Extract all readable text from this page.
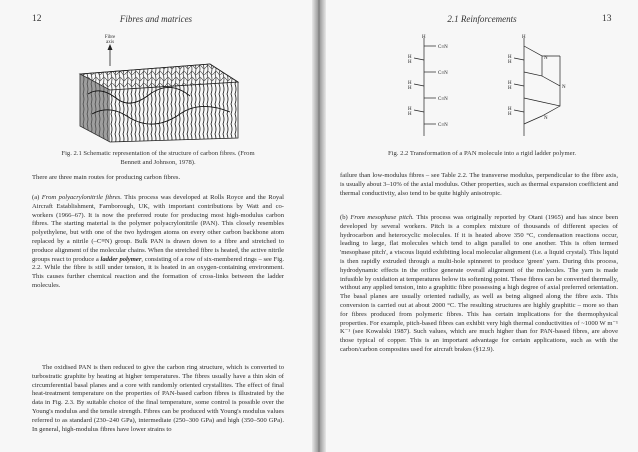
12	Fibres and matrices
Fibre
axis
Fig. 2.1 Schematic representation of the structure of carbon fibres. (From
Bennett and Johnson, 1978).

There are three main routes for producing carbon fibres.

(a) From polyacrylonitrile fibres. This process was developed at Rolls Royce and the Royal Aircraft Establishment, Farnborough, UK, with important contributions by Watt and co-workers (1966–67). It is now the preferred route for producing most high-modulus carbon fibres. The starting material is the polymer polyacrylonitrile (PAN). This closely resembles polyethylene, but with one of the two hydrogen atoms on every other carbon backbone atom replaced by a nitrile (–C≡N) group. Bulk PAN is drawn down to a fibre and stretched to produce alignment of the molecular chains. When the stretched fibre is heated, the active nitrile groups react to produce a ladder polymer, consisting of a row of six-membered rings – see Fig. 2.2. While the fibre is still under tension, it is heated in an oxygen-containing environment. This causes further chemical reaction and the formation of cross-links between the ladder molecules.

The oxidised PAN is then reduced to give the carbon ring structure, which is converted to turbostratic graphite by heating at higher temperatures. The fibres usually have a thin skin of circumferential basal planes and a core with randomly oriented crystallites. The effect of final heat-treatment temperature on the properties of PAN-based carbon fibres is illustrated by the data in Fig. 2.3. By suitable choice of the final temperature, some control is possible over the Young's modulus and the tensile strength. Fibres can be produced with Young's modulus values referred to as standard (230–240 GPa), intermediate (250–300 GPa) and high (350–500 GPa). In general, high-modulus fibres have lower strains to

2.1 Reinforcements	13
H
C≡N
H
H
C≡N
H
H
C≡N
H
H
C≡N
H
H
H
H
H
H
H
N
N
N
Fig. 2.2 Transformation of a PAN molecule into a rigid ladder polymer.

failure than low-modulus fibres – see Table 2.2. The transverse modulus, perpendicular to the fibre axis, is usually about 3–10% of the axial modulus. Other properties, such as thermal expansion coefficient and thermal conductivity, also tend to be quite highly anisotropic.

(b) From mesophase pitch. This process was originally reported by Otani (1965) and has since been developed by several workers. Pitch is a complex mixture of thousands of different species of hydrocarbon and heterocyclic molecules. If it is heated above 350 °C, condensation reactions occur, leading to large, flat molecules which tend to align parallel to one another. This is often termed 'mesophase pitch', a viscous liquid exhibiting local molecular alignment (i.e. a liquid crystal). This liquid is then rapidly extruded through a multi-hole spinneret to produce 'green' yarn. During this process, hydrodynamic effects in the orifice generate overall alignment of the molecules. The yarn is made infusible by oxidation at temperatures below its softening point. These fibres can be converted thermally, without any applied tension, into a graphitic fibre possessing a high degree of axial preferred orientation. The basal planes are usually oriented radially, as well as being aligned along the fibre axis. This conversion is carried out at about 2000 °C. The resulting structures are highly graphitic – more so than for fibres produced from polymeric fibres. This has certain implications for the thermophysical properties. For example, pitch-based fibres can exhibit very high thermal conductivities of ~1000 W m⁻¹ K⁻¹ (see Kowalski 1987). Such values, which are much higher than for PAN-based fibres, are above those typical of copper. This is an important advantage for certain applications, such as with the carbon/carbon composites used for aircraft brakes (§12.9).
